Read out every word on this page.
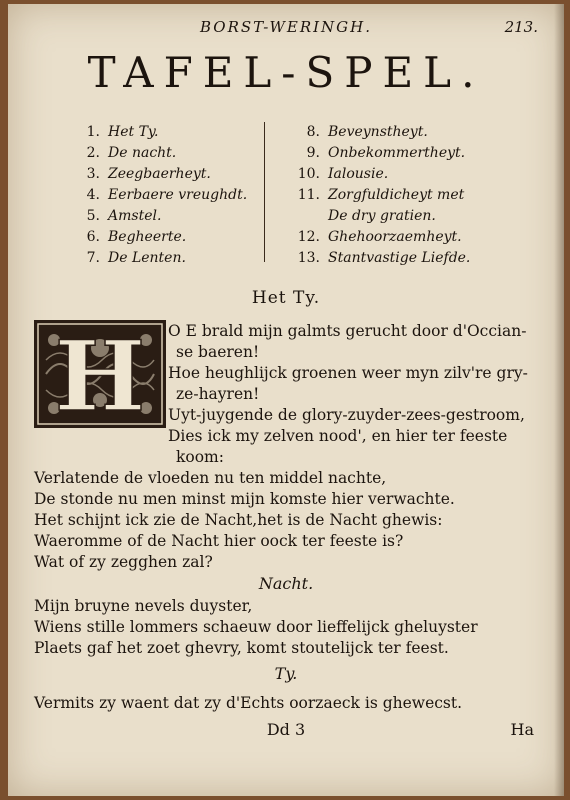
BORST-WERINGH.	213.
TAFEL-SPEL.
1. Het Ty.
2. De nacht.
3. Zeegbaerheyt.
4. Eerbaere vreughdt.
5. Amstel.
6. Begheerte.
7. De Lenten.
8. Beveynstheyt.
9. Onbekommertheyt.
10. Ialousie.
11. Zorgfuldicheyt met
De dry gratien.
12. Ghehoorzaemheyt.
13. Stantvastige Liefde.
Het Ty.
H O E brald mijn galmts gerucht door d'Occian-
se baeren!
Hoe heughlijck groenen weer myn zilv're gry-
ze-hayren!
Uyt-juygende de glory-zuyder-zees-gestroom,
Dies ick my zelven nood', en hier ter feeste
koom:
Verlatende de vloeden nu ten middel nachte,
De stonde nu men minst mijn komste hier verwachte.
Het schijnt ick zie de Nacht,het is de Nacht ghewis:
Waeromme of de Nacht hier oock ter feeste is?
Wat of zy zegghen zal?
Nacht.
Mijn bruyne nevels duyster,
Wiens stille lommers schaeuw door lieffelijck gheluyster
Plaets gaf het zoet ghevry, komt stoutelijck ter feest.
Ty.
Vermits zy waent dat zy d'Echts oorzaeck is ghewecst.
Dd 3	Ha
